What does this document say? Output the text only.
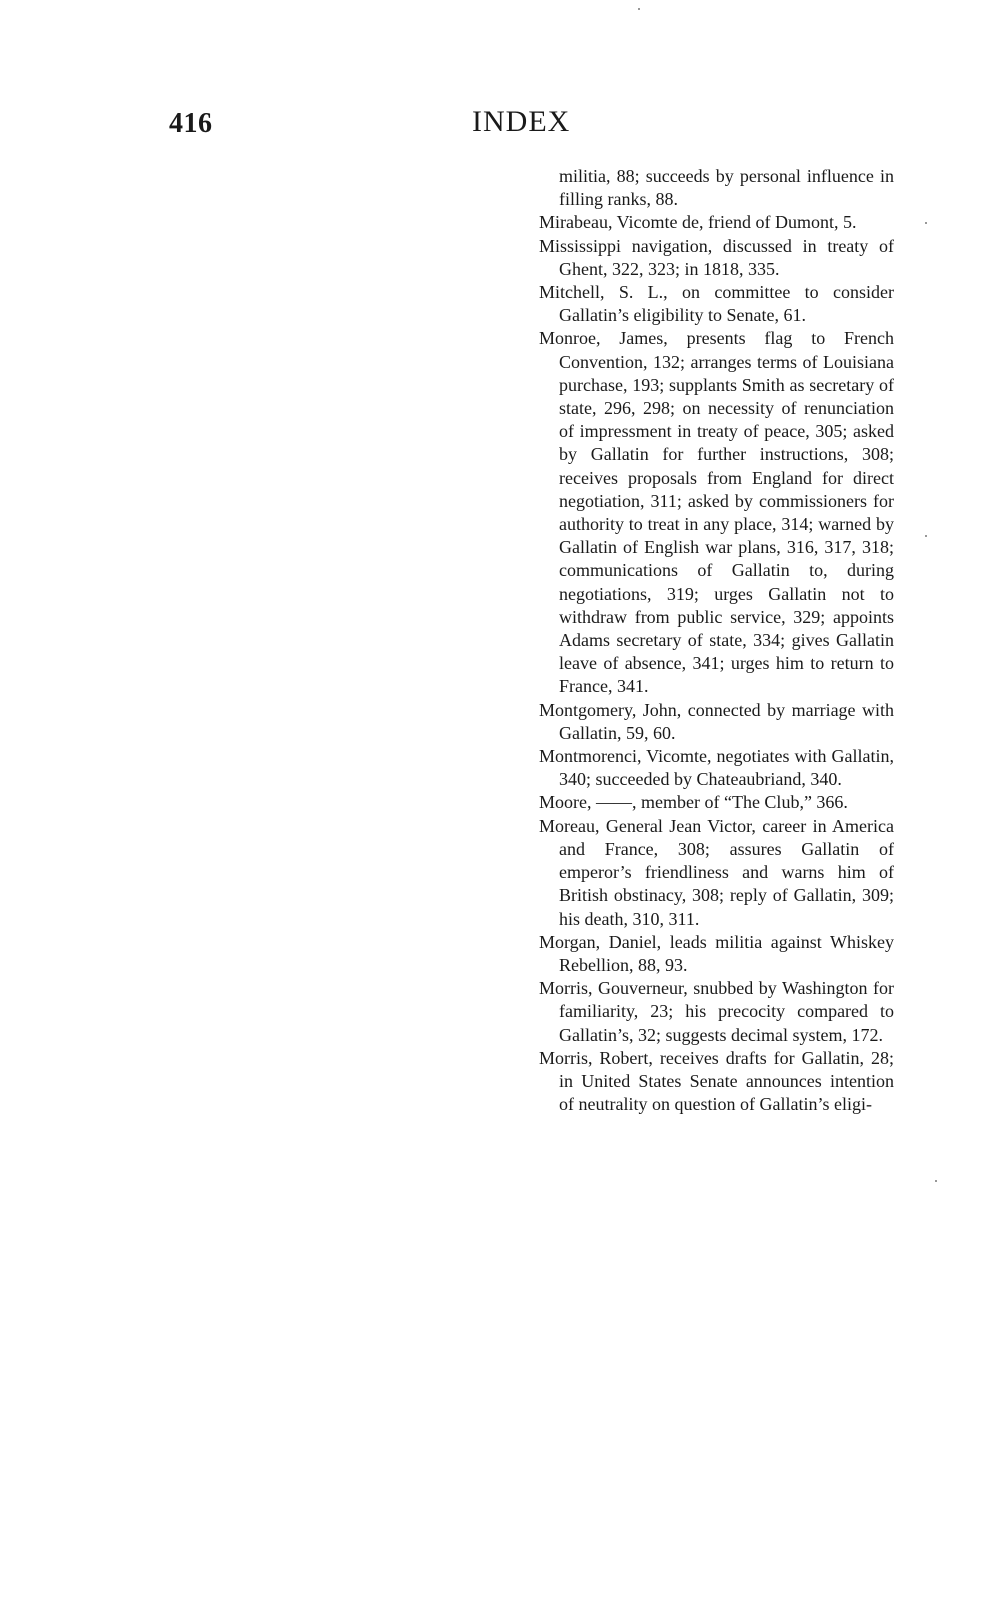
416	INDEX

militia, 88; succeeds by personal influence in filling ranks, 88.

Mirabeau, Vicomte de, friend of Dumont, 5.

Mississippi navigation, discussed in treaty of Ghent, 322, 323; in 1818, 335.

Mitchell, S. L., on committee to consider Gallatin’s eligibility to Senate, 61.

Monroe, James, presents flag to French Convention, 132; arranges terms of Louisiana purchase, 193; supplants Smith as secretary of state, 296, 298; on necessity of renunciation of impressment in treaty of peace, 305; asked by Gallatin for further instructions, 308; receives proposals from England for direct negotiation, 311; asked by commissioners for authority to treat in any place, 314; warned by Gallatin of English war plans, 316, 317, 318; communications of Gallatin to, during negotiations, 319; urges Gallatin not to withdraw from public service, 329; appoints Adams secretary of state, 334; gives Gallatin leave of absence, 341; urges him to return to France, 341.

Montgomery, John, connected by marriage with Gallatin, 59, 60.

Montmorenci, Vicomte, negotiates with Gallatin, 340; succeeded by Chateaubriand, 340.

Moore, ——, member of “The Club,” 366.

Moreau, General Jean Victor, career in America and France, 308; assures Gallatin of emperor’s friendliness and warns him of British obstinacy, 308; reply of Gallatin, 309; his death, 310, 311.

Morgan, Daniel, leads militia against Whiskey Rebellion, 88, 93.

Morris, Gouverneur, snubbed by Washington for familiarity, 23; his precocity compared to Gallatin’s, 32; suggests decimal system, 172.

Morris, Robert, receives drafts for Gallatin, 28; in United States Senate announces intention of neutrality on question of Gallatin’s eligi-
